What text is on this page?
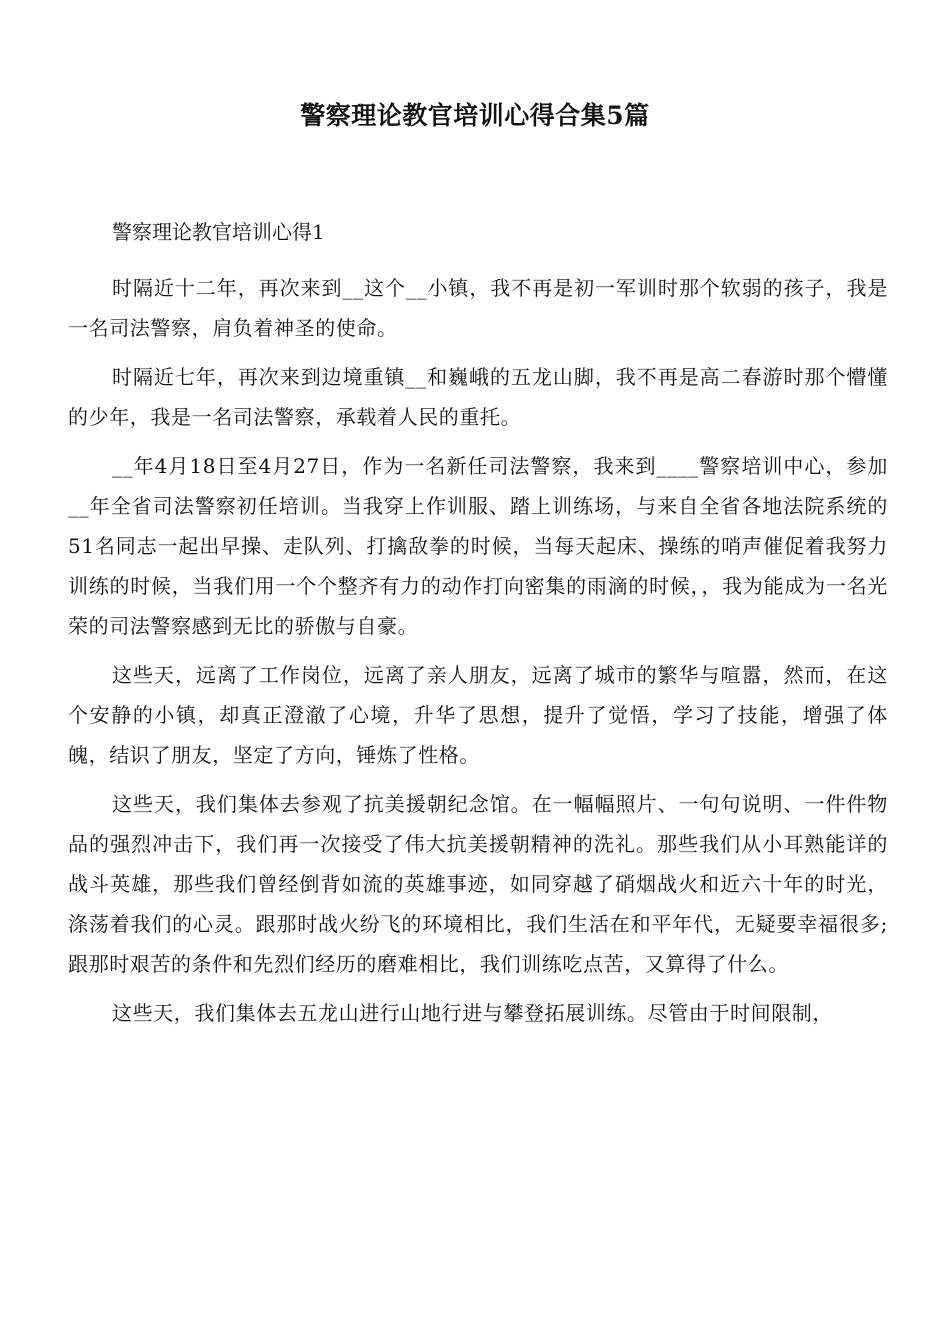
警察理论教官培训心得合集5篇

警察理论教官培训心得1

时隔近十二年，再次来到__这个__小镇，我不再是初一军训时那个软弱的孩子，我是一名司法警察，肩负着神圣的使命。

时隔近七年，再次来到边境重镇__和巍峨的五龙山脚，我不再是高二春游时那个懵懂的少年，我是一名司法警察，承载着人民的重托。

__年4月18日至4月27日，作为一名新任司法警察，我来到____警察培训中心，参加__年全省司法警察初任培训。当我穿上作训服、踏上训练场，与来自全省各地法院系统的51名同志一起出早操、走队列、打擒敌拳的时候，当每天起床、操练的哨声催促着我努力训练的时候，当我们用一个个整齐有力的动作打向密集的雨滴的时候，，我为能成为一名光荣的司法警察感到无比的骄傲与自豪。

这些天，远离了工作岗位，远离了亲人朋友，远离了城市的繁华与喧嚣，然而，在这个安静的小镇，却真正澄澈了心境，升华了思想，提升了觉悟，学习了技能，增强了体魄，结识了朋友，坚定了方向，锤炼了性格。

这些天，我们集体去参观了抗美援朝纪念馆。在一幅幅照片、一句句说明、一件件物品的强烈冲击下，我们再一次接受了伟大抗美援朝精神的洗礼。那些我们从小耳熟能详的战斗英雄，那些我们曾经倒背如流的英雄事迹，如同穿越了硝烟战火和近六十年的时光，涤荡着我们的心灵。跟那时战火纷飞的环境相比，我们生活在和平年代，无疑要幸福很多;跟那时艰苦的条件和先烈们经历的磨难相比，我们训练吃点苦，又算得了什么。

这些天，我们集体去五龙山进行山地行进与攀登拓展训练。尽管由于时间限制，
